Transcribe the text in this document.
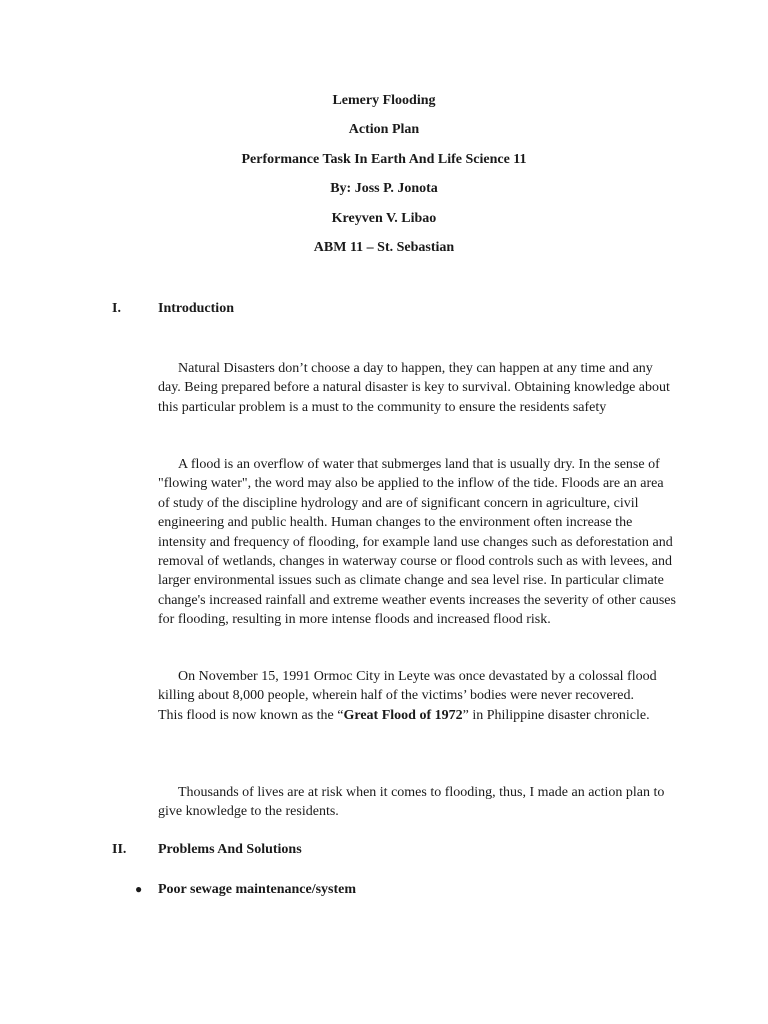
Lemery Flooding
Action Plan
Performance Task In Earth And Life Science 11
By: Joss P. Jonota
Kreyven V. Libao
ABM 11 – St. Sebastian
I.	Introduction
Natural Disasters don’t choose a day to happen, they can happen at any time and any day. Being prepared before a natural disaster is key to survival. Obtaining knowledge about this particular problem is a must to the community to ensure the residents safety
A flood is an overflow of water that submerges land that is usually dry. In the sense of "flowing water", the word may also be applied to the inflow of the tide. Floods are an area of study of the discipline hydrology and are of significant concern in agriculture, civil engineering and public health. Human changes to the environment often increase the intensity and frequency of flooding, for example land use changes such as deforestation and removal of wetlands, changes in waterway course or flood controls such as with levees, and larger environmental issues such as climate change and sea level rise. In particular climate change's increased rainfall and extreme weather events increases the severity of other causes for flooding, resulting in more intense floods and increased flood risk.
On November 15, 1991 Ormoc City in Leyte was once devastated by a colossal flood killing about 8,000 people, wherein half of the victims’ bodies were never recovered.
This flood is now known as the “Great Flood of 1972” in Philippine disaster chronicle.
Thousands of lives are at risk when it comes to flooding, thus, I made an action plan to give knowledge to the residents.
II. Problems And Solutions
● Poor sewage maintenance/system
